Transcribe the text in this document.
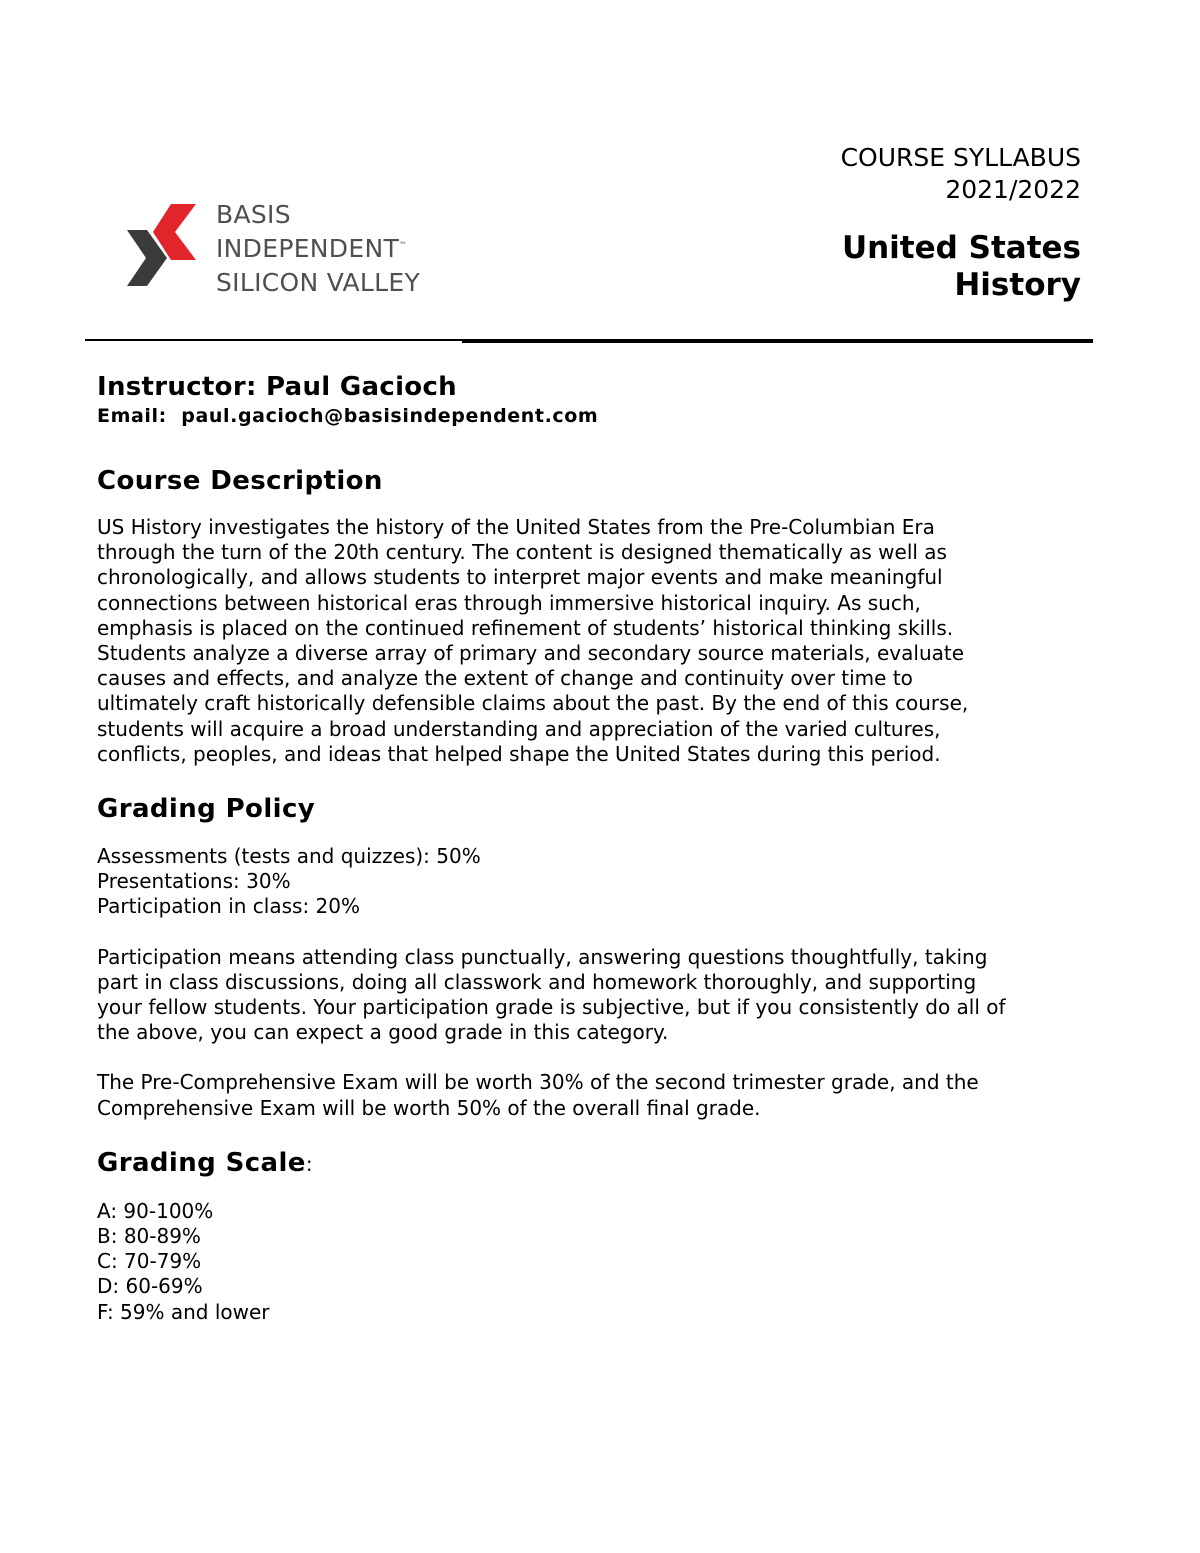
BASIS
INDEPENDENT™
SILICON VALLEY
COURSE SYLLABUS
2021/2022
United States
History
Instructor: Paul Gacioch
Email: paul.gacioch@basisindependent.com
Course Description
US History investigates the history of the United States from the Pre-Columbian Era
through the turn of the 20th century. The content is designed thematically as well as
chronologically, and allows students to interpret major events and make meaningful
connections between historical eras through immersive historical inquiry. As such,
emphasis is placed on the continued refinement of students’ historical thinking skills.
Students analyze a diverse array of primary and secondary source materials, evaluate
causes and effects, and analyze the extent of change and continuity over time to
ultimately craft historically defensible claims about the past. By the end of this course,
students will acquire a broad understanding and appreciation of the varied cultures,
conflicts, peoples, and ideas that helped shape the United States during this period.
Grading Policy
Assessments (tests and quizzes): 50%
Presentations: 30%
Participation in class: 20%
Participation means attending class punctually, answering questions thoughtfully, taking
part in class discussions, doing all classwork and homework thoroughly, and supporting
your fellow students. Your participation grade is subjective, but if you consistently do all of
the above, you can expect a good grade in this category.
The Pre-Comprehensive Exam will be worth 30% of the second trimester grade, and the
Comprehensive Exam will be worth 50% of the overall final grade.
Grading Scale:
A: 90-100%
B: 80-89%
C: 70-79%
D: 60-69%
F: 59% and lower
